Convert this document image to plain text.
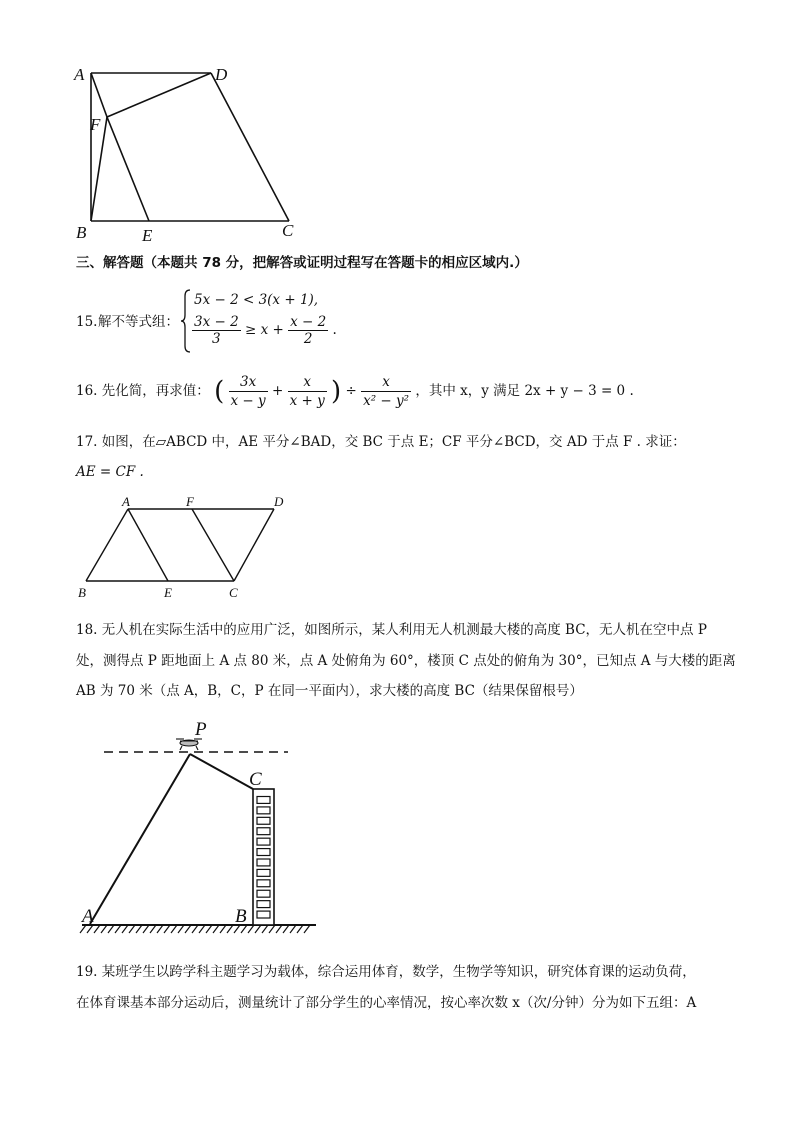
A	D
F
B	E	C
三、解答题（本题共 78 分，把解答或证明过程写在答题卡的相应区域内.）
15. 解不等式组：
5x − 2 < 3(x + 1),
$\frac{3x - 2}{3} \ge x + \frac{x - 2}{2}$ .
16. 先化简，再求值： ( $\frac{3x}{x - y} + \frac{x}{x + y}$ ) ÷ $\frac{x}{\text{x² − y²}}$ ，其中 x，y 满足 2x + y − 3 = 0 .
17. 如图，在▱ABCD 中，AE 平分∠BAD，交 BC 于点 E；CF 平分∠BCD，交 AD 于点 F . 求证：
AE = CF .
A	F	D
B	E	C
18. 无人机在实际生活中的应用广泛，如图所示，某人利用无人机测最大楼的高度 BC，无人机在空中点 P
处，测得点 P 距地面上 A 点 80 米，点 A 处俯角为 60°，楼顶 C 点处的俯角为 30°，已知点 A 与大楼的距离
AB 为 70 米（点 A，B，C，P 在同一平面内），求大楼的高度 BC（结果保留根号）
P
C
A	B
19. 某班学生以跨学科主题学习为载体，综合运用体育，数学，生物学等知识，研究体育课的运动负荷，
在体育课基本部分运动后，测量统计了部分学生的心率情况，按心率次数 x（次/分钟）分为如下五组：A
